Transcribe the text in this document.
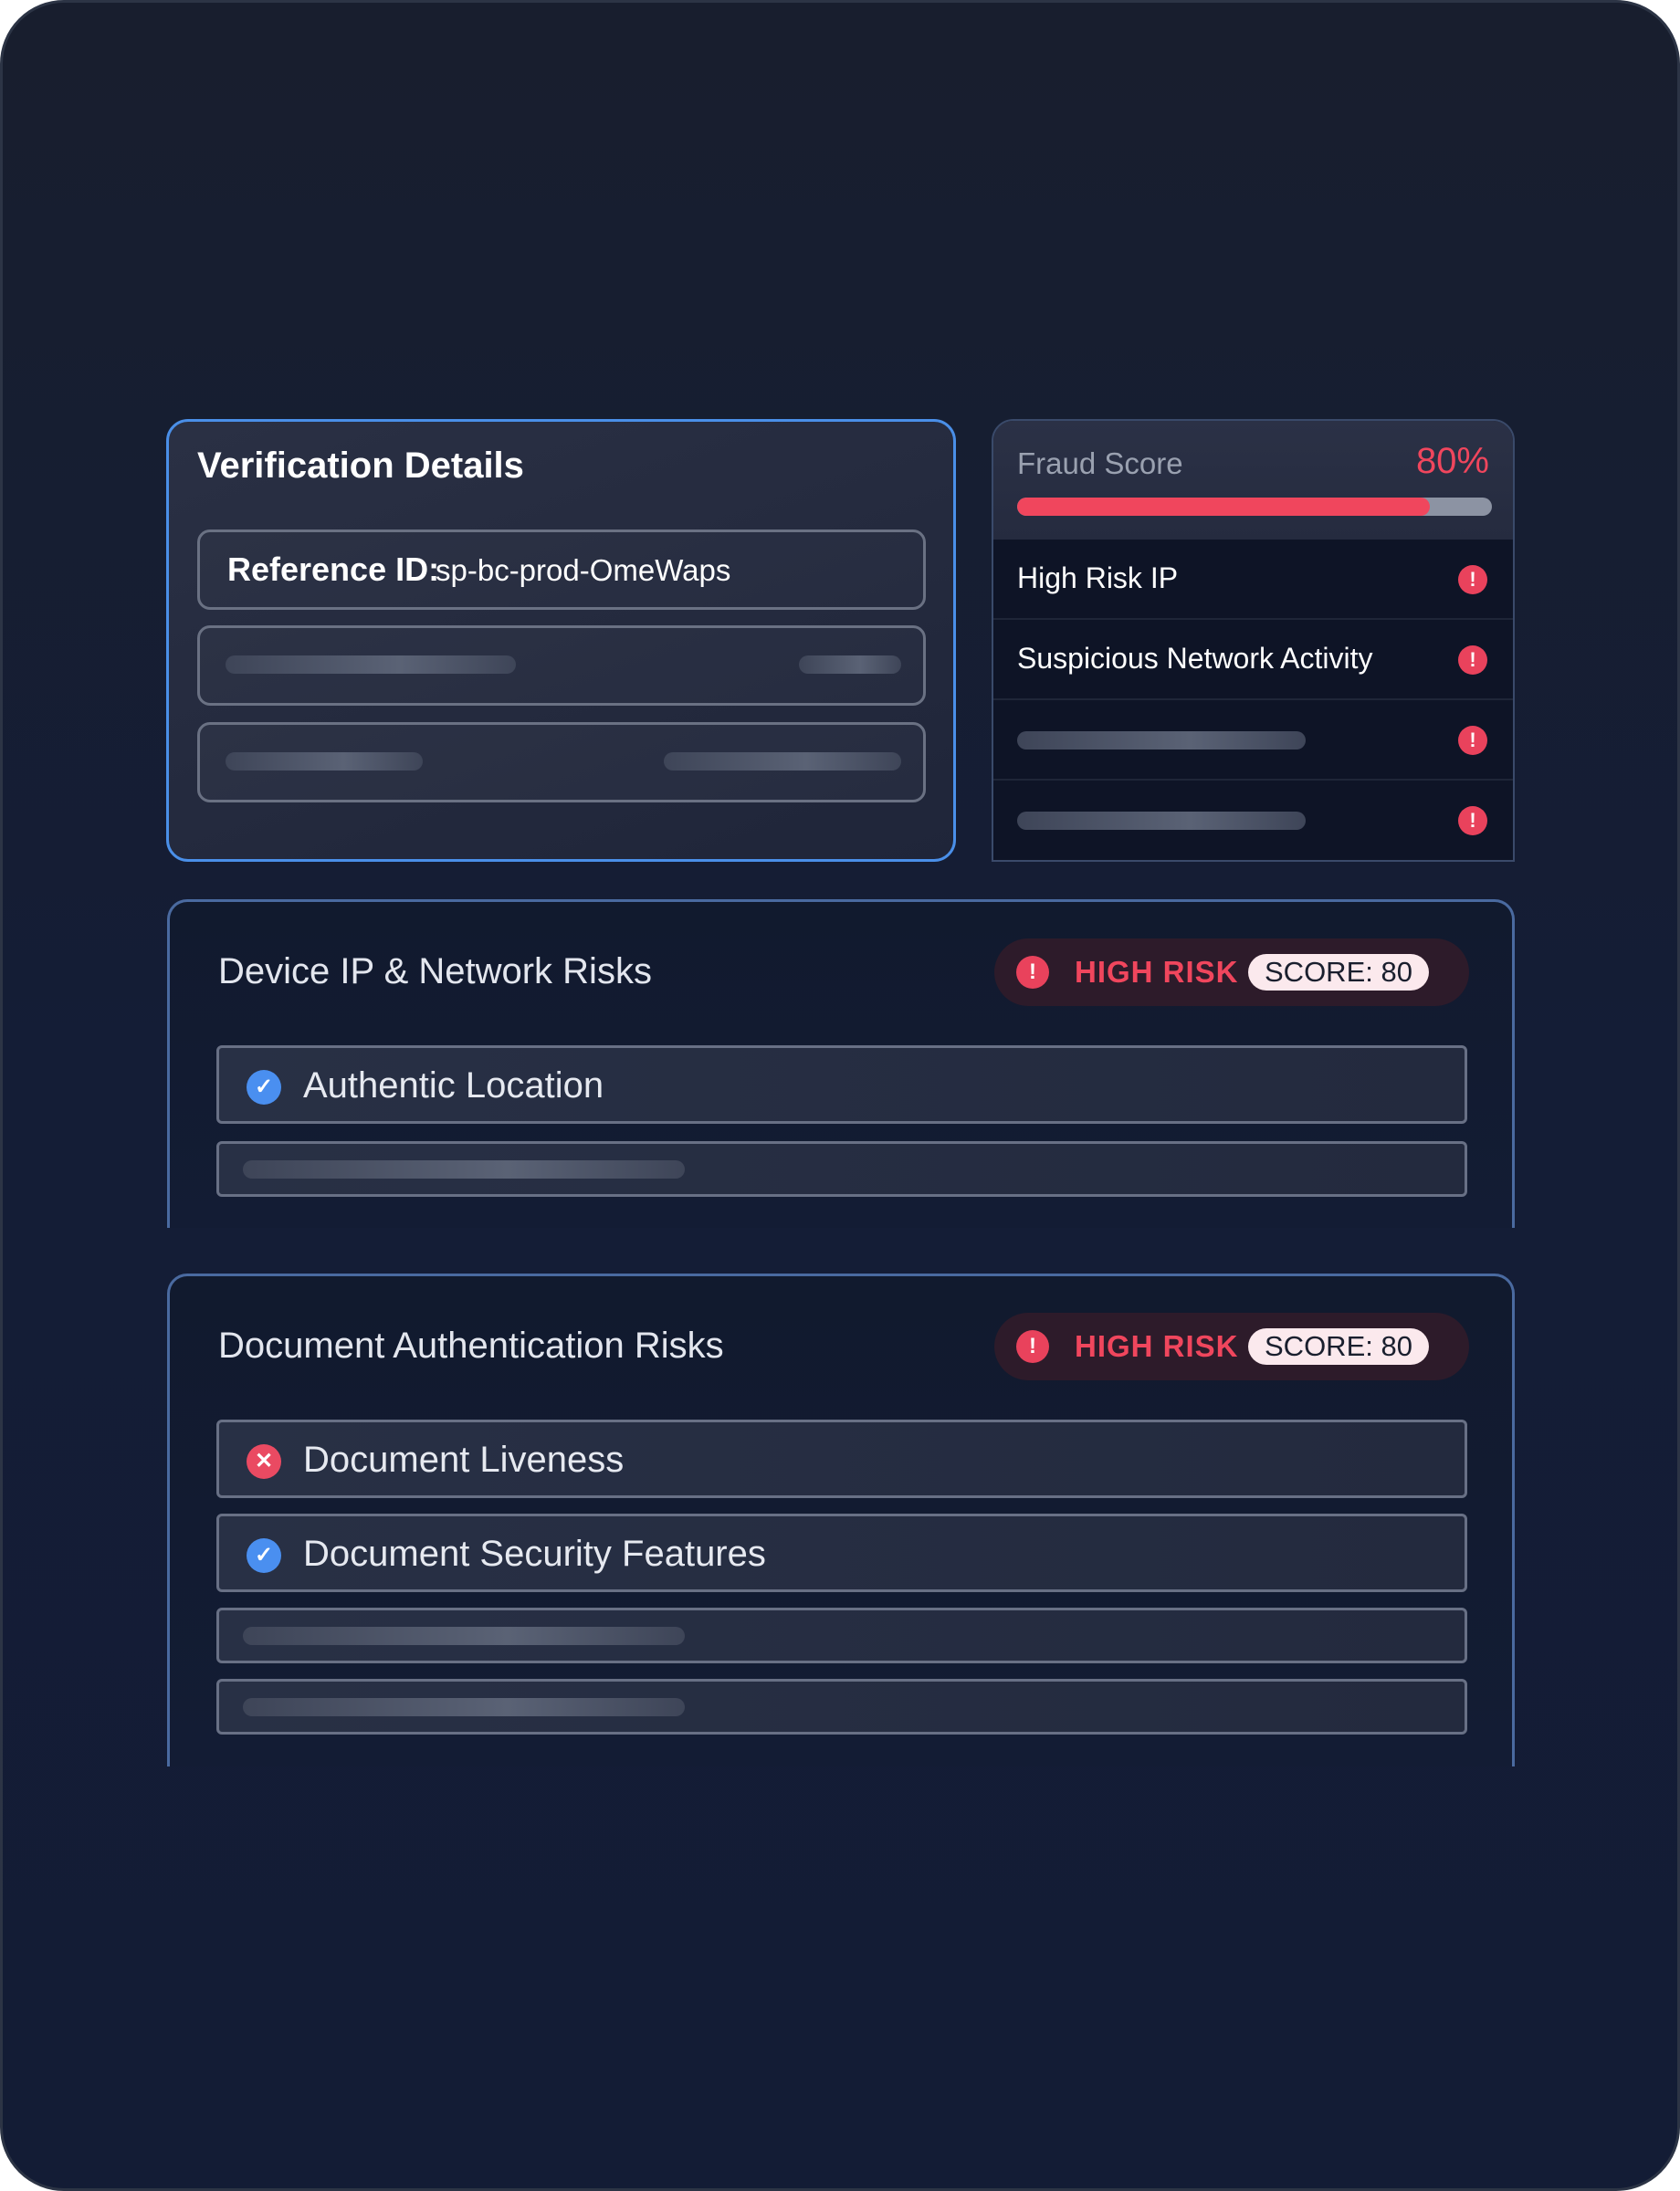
Verification Details
Reference ID:
sp-bc-prod-OmeWaps
Fraud Score	80%
High Risk IP	!
Suspicious Network Activity	!
!
!
Device IP & Network Risks	!	HIGH RISK SCORE: 80
✓ Authentic Location
Document Authentication Risks	!	HIGH RISK SCORE: 80
✕ Document Liveness
✓ Document Security Features
